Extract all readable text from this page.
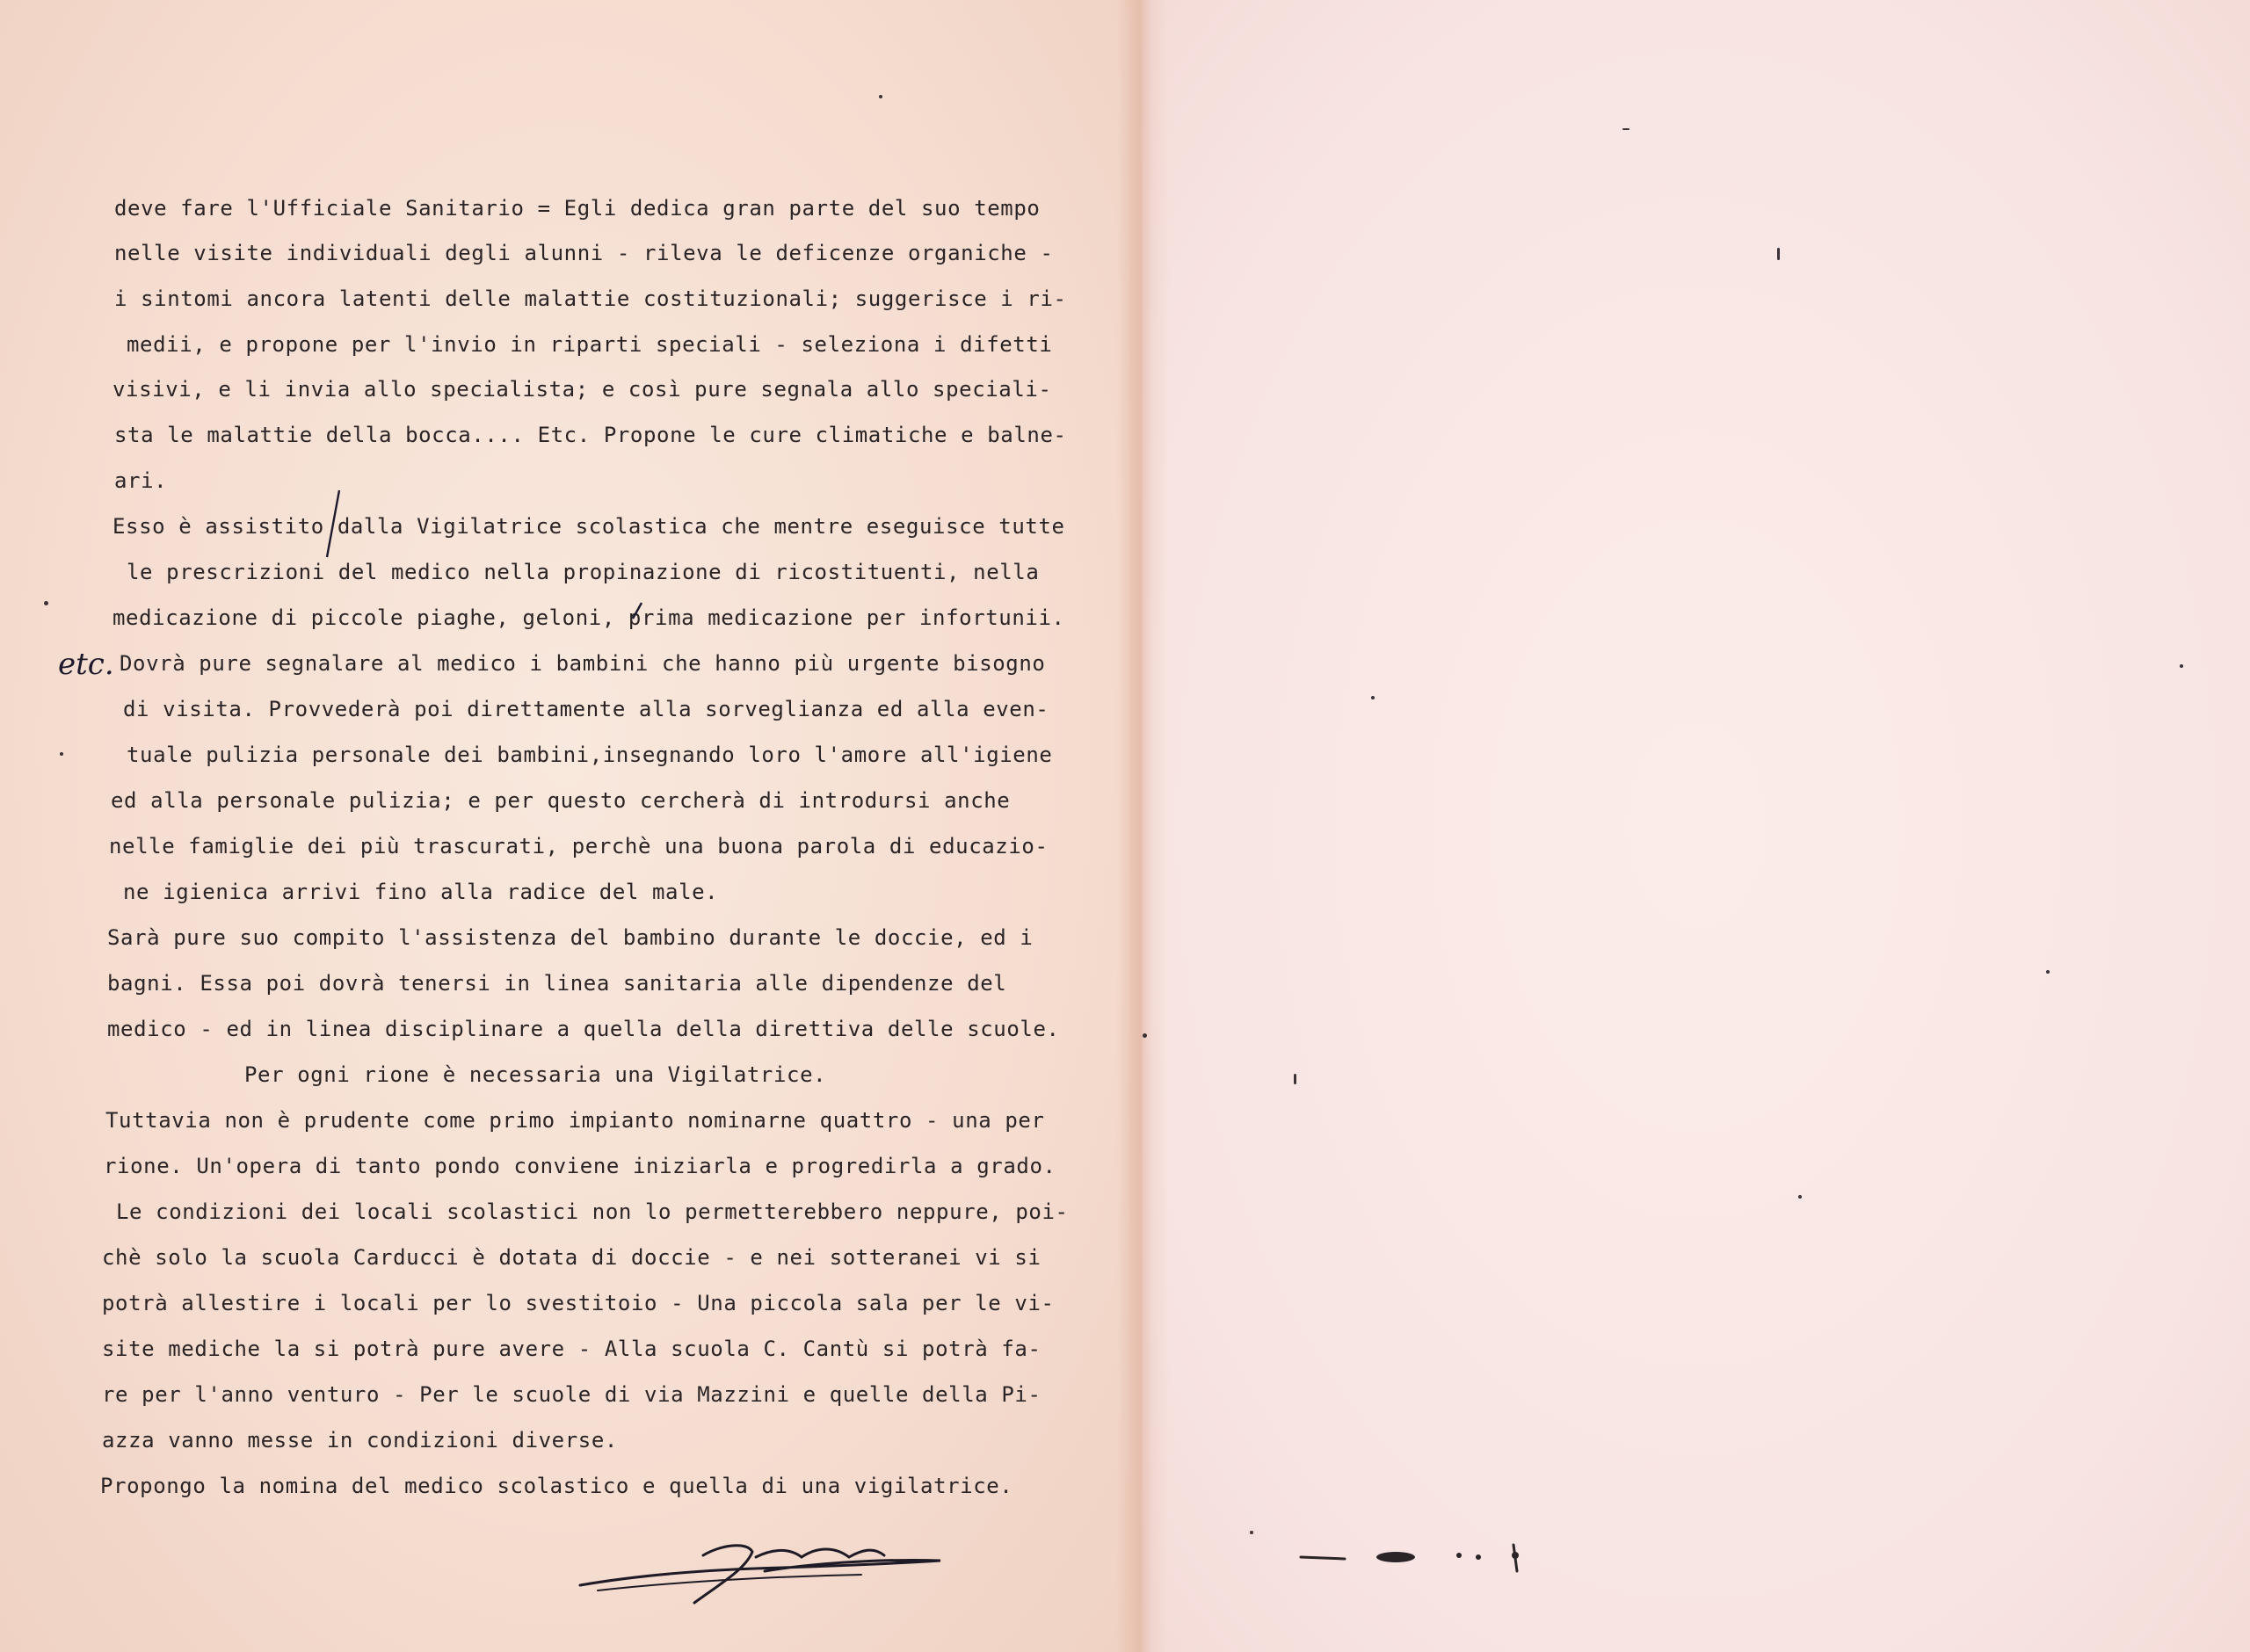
deve fare l'Ufficiale Sanitario = Egli dedica gran parte del suo tempo
nelle visite individuali degli alunni - rileva le deficenze organiche -
i sintomi ancora latenti delle malattie costituzionali; suggerisce i ri-
medii, e propone per l'invio in riparti speciali - seleziona i difetti
visivi, e li invia allo specialista; e così pure segnala allo speciali-
sta le malattie della bocca.... Etc. Propone le cure climatiche e balne-
ari.
Esso è assistito dalla Vigilatrice scolastica che mentre eseguisce tutte
le prescrizioni del medico nella propinazione di ricostituenti, nella
medicazione di piccole piaghe, geloni, prima medicazione per infortunii.
Dovrà pure segnalare al medico i bambini che hanno più urgente bisogno
di visita. Provvederà poi direttamente alla sorveglianza ed alla even-
tuale pulizia personale dei bambini,insegnando loro l'amore all'igiene
ed alla personale pulizia; e per questo cercherà di introdursi anche
nelle famiglie dei più trascurati, perchè una buona parola di educazio-
ne igienica arrivi fino alla radice del male.
Sarà pure suo compito l'assistenza del bambino durante le doccie, ed i
bagni. Essa poi dovrà tenersi in linea sanitaria alle dipendenze del
medico - ed in linea disciplinare a quella della direttiva delle scuole.
Per ogni rione è necessaria una Vigilatrice.
Tuttavia non è prudente come primo impianto nominarne quattro - una per
rione. Un'opera di tanto pondo conviene iniziarla e progredirla a grado.
Le condizioni dei locali scolastici non lo permetterebbero neppure, poi-
chè solo la scuola Carducci è dotata di doccie - e nei sotteranei vi si
potrà allestire i locali per lo svestitoio - Una piccola sala per le vi-
site mediche la si potrà pure avere - Alla scuola C. Cantù si potrà fa-
re per l'anno venturo - Per le scuole di via Mazzini e quelle della Pi-
azza vanno messe in condizioni diverse.
Propongo la nomina del medico scolastico e quella di una vigilatrice.
etc.
